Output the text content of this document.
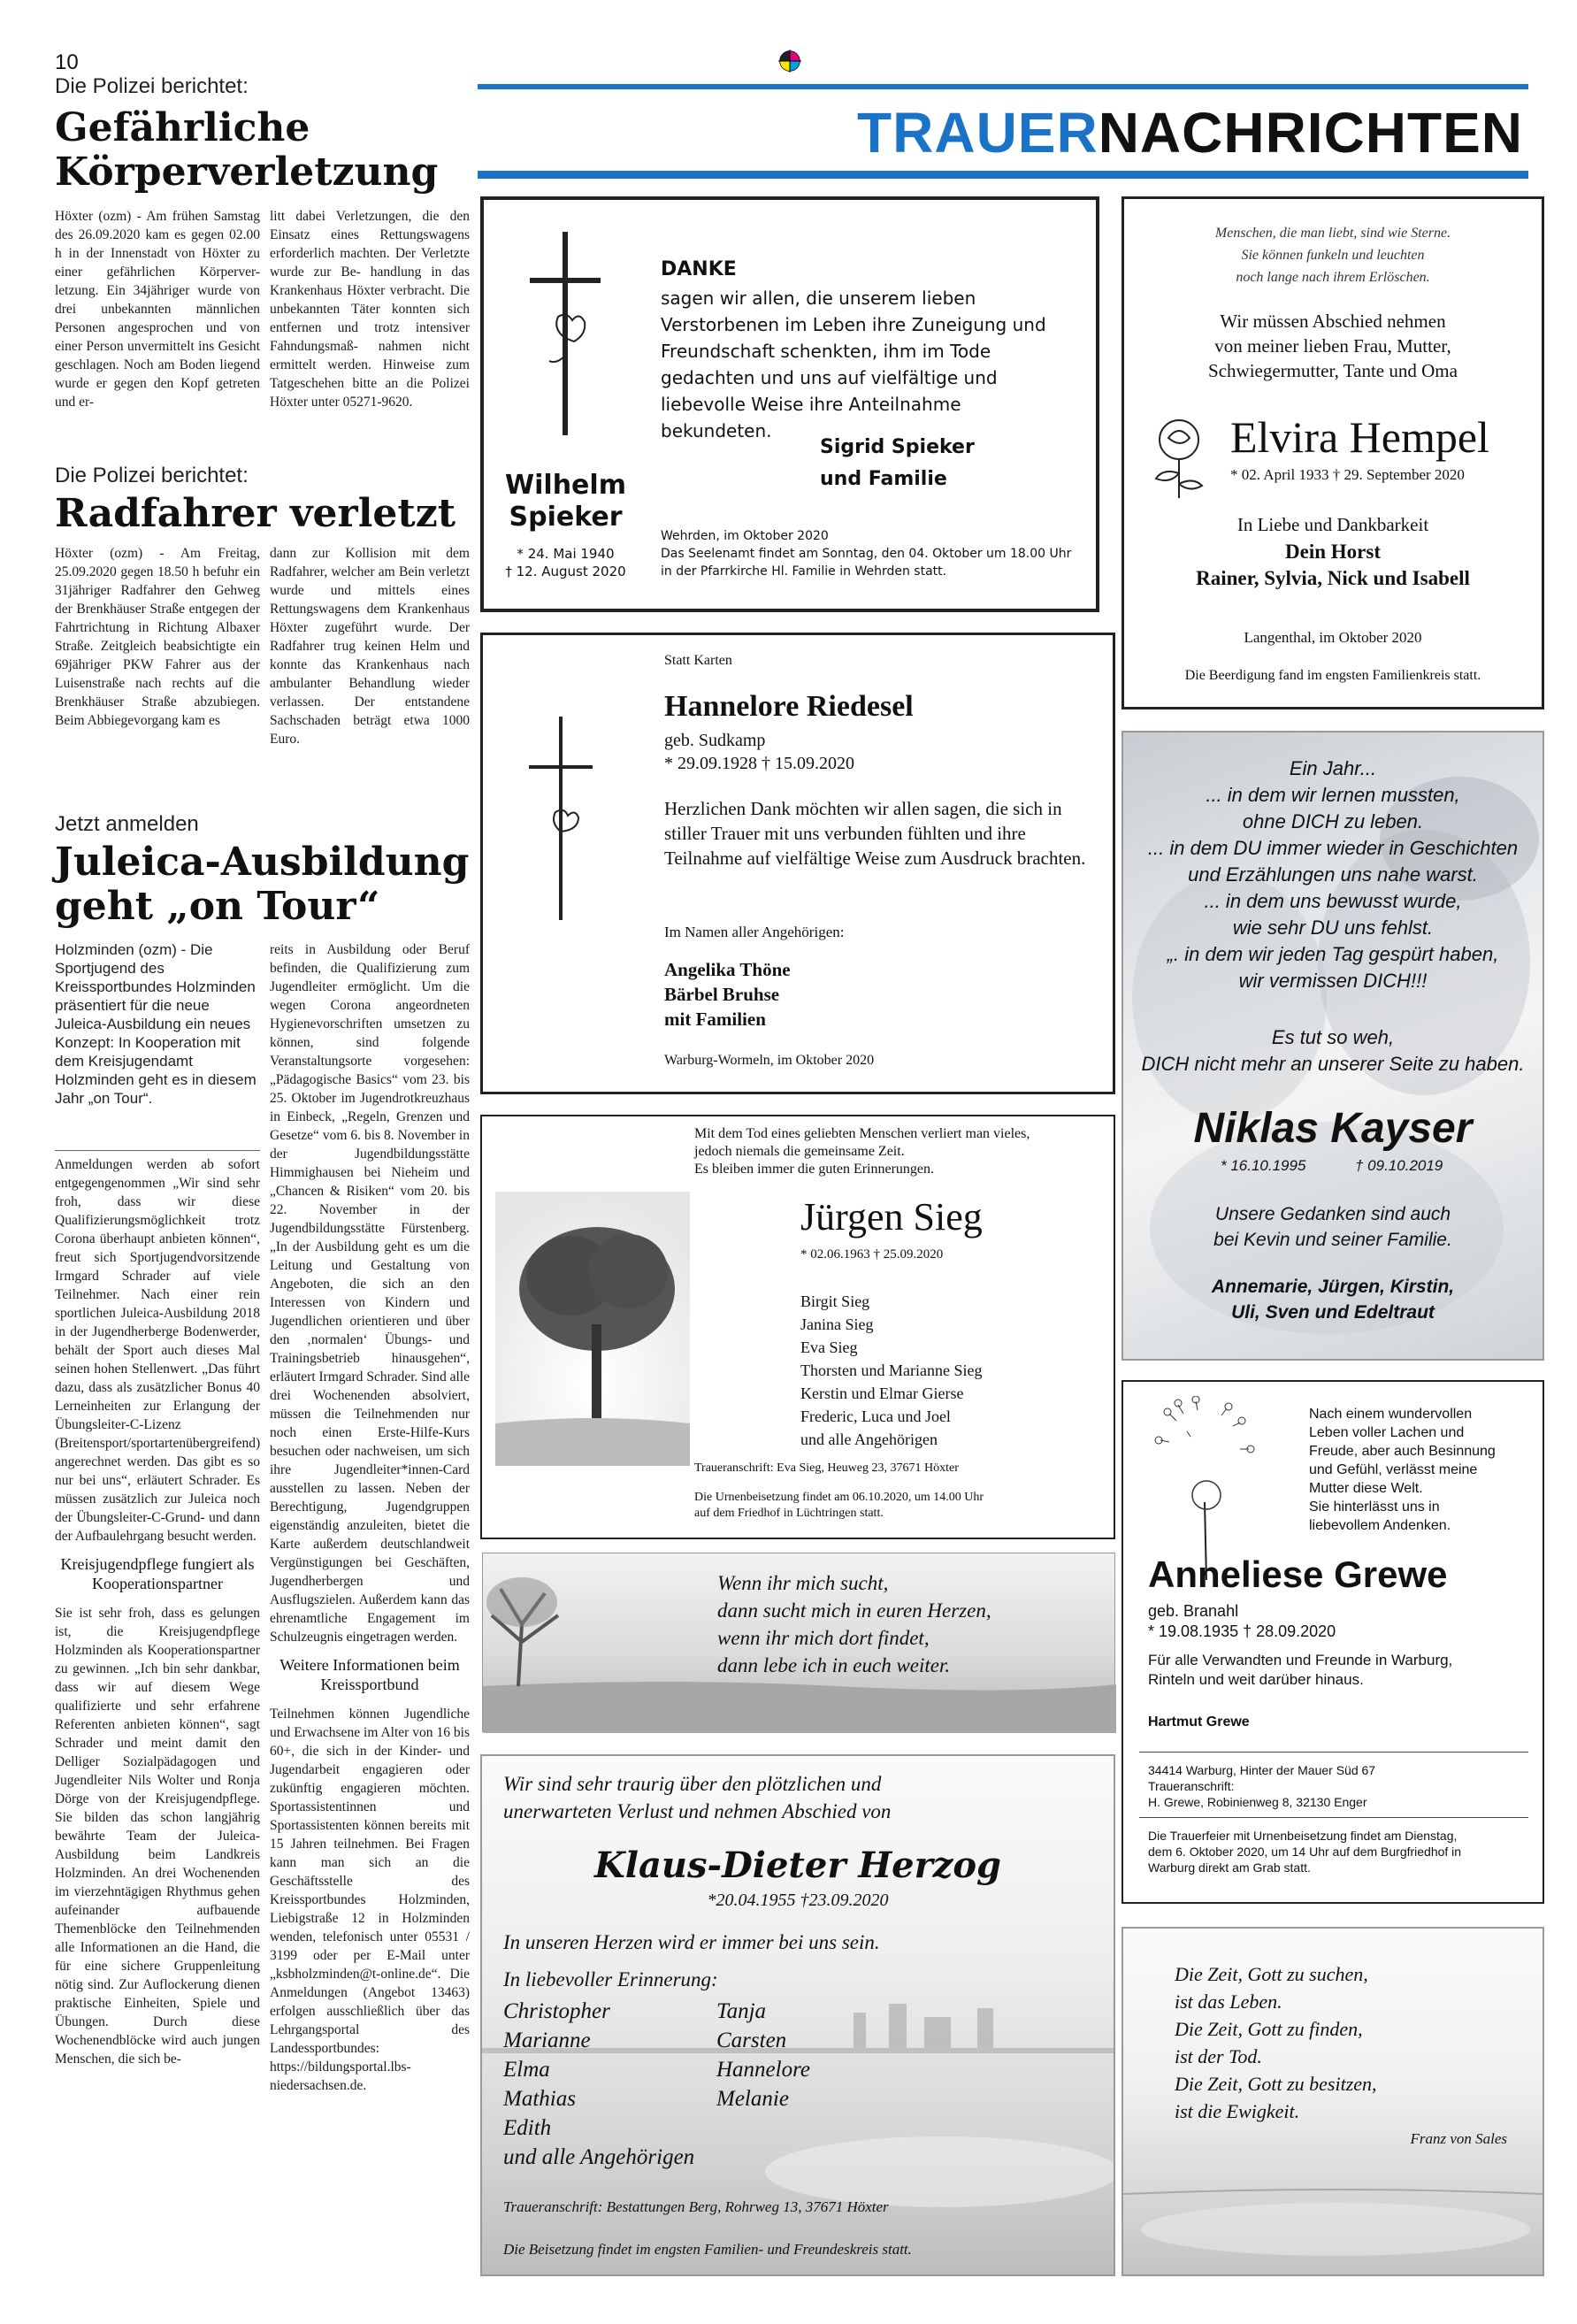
10
TRAUERNACHRICHTEN
Die Polizei berichtet:
Gefährliche Körperverletzung
Höxter (ozm) - Am frühen Samstag des 26.09.2020 kam es gegen 02.00 h in der Innenstadt von Höxter zu einer gefährlichen Körperver- letzung. Ein 34jähriger wurde von drei unbekannten männlichen Personen angesprochen und von einer Person unvermittelt ins Gesicht geschlagen. Noch am Boden liegend wurde er gegen den Kopf getreten und er-
litt dabei Verletzungen, die den Einsatz eines Rettungswagens erforderlich machten. Der Verletzte wurde zur Be- handlung in das Krankenhaus Höxter verbracht. Die unbekannten Täter konnten sich entfernen und trotz intensiver Fahndungsmaß- nahmen nicht ermittelt werden. Hinweise zum Tatgeschehen bitte an die Polizei Höxter unter 05271-9620.
Die Polizei berichtet:
Radfahrer verletzt
Höxter (ozm) - Am Freitag, 25.09.2020 gegen 18.50 h befuhr ein 31jähriger Radfahrer den Gehweg der Brenkhäuser Straße entgegen der Fahrtrichtung in Richtung Albaxer Straße. Zeitgleich beabsichtigte ein 69jähriger PKW Fahrer aus der Luisenstraße nach rechts auf die Brenkhäuser Straße abzubiegen. Beim Abbiegevorgang kam es
dann zur Kollision mit dem Radfahrer, welcher am Bein verletzt wurde und mittels eines Rettungswagens dem Krankenhaus Höxter zugeführt wurde. Der Radfahrer trug keinen Helm und konnte das Krankenhaus nach ambulanter Behandlung wieder verlassen. Der entstandene Sachschaden beträgt etwa 1000 Euro.
Jetzt anmelden
Juleica-Ausbildung geht „on Tour“
Holzminden (ozm) - Die Sportjugend des Kreissportbundes Holzminden präsentiert für die neue Juleica-Ausbildung ein neues Konzept: In Kooperation mit dem Kreisjugendamt Holzminden geht es in diesem Jahr „on Tour“.
Anmeldungen werden ab sofort entgegengenommen „Wir sind sehr froh, dass wir diese Qualifizierungsmöglichkeit trotz Corona überhaupt anbieten können“, freut sich Sportjugendvorsitzende Irmgard Schrader auf viele Teilnehmer. Nach einer rein sportlichen Juleica-Ausbildung 2018 in der Jugendherberge Bodenwerder, behält der Sport auch dieses Mal seinen hohen Stellenwert. „Das führt dazu, dass als zusätzlicher Bonus 40 Lerneinheiten zur Erlangung der Übungsleiter-C-Lizenz (Breitensport/sportartenübergreifend) angerechnet werden. Das gibt es so nur bei uns“, erläutert Schrader. Es müssen zusätzlich zur Juleica noch der Übungsleiter-C-Grund- und dann der Aufbaulehrgang besucht werden.
Kreisjugendpflege fungiert als Kooperationspartner
Sie ist sehr froh, dass es gelungen ist, die Kreisjugendpflege Holzminden als Kooperationspartner zu gewinnen. „Ich bin sehr dankbar, dass wir auf diesem Wege qualifizierte und sehr erfahrene Referenten anbieten können“, sagt Schrader und meint damit den Delliger Sozialpädagogen und Jugendleiter Nils Wolter und Ronja Dörge von der Kreisjugendpflege. Sie bilden das schon langjährig bewährte Team der Juleica-Ausbildung beim Landkreis Holzminden. An drei Wochenenden im vierzehntägigen Rhythmus gehen aufeinander aufbauende Themenblöcke den Teilnehmenden alle Informationen an die Hand, die für eine sichere Gruppenleitung nötig sind. Zur Auflockerung dienen praktische Einheiten, Spiele und Übungen. Durch diese Wochenendblöcke wird auch jungen Menschen, die sich be-
reits in Ausbildung oder Beruf befinden, die Qualifizierung zum Jugendleiter ermöglicht. Um die wegen Corona angeordneten Hygienevorschriften umsetzen zu können, sind folgende Veranstaltungsorte vorgesehen: „Pädagogische Basics“ vom 23. bis 25. Oktober im Jugendrotkreuzhaus in Einbeck, „Regeln, Grenzen und Gesetze“ vom 6. bis 8. November in der Jugendbildungsstätte Himmighausen bei Nieheim und „Chancen & Risiken“ vom 20. bis 22. November in der Jugendbildungsstätte Fürstenberg. „In der Ausbildung geht es um die Leitung und Gestaltung von Angeboten, die sich an den Interessen von Kindern und Jugendlichen orientieren und über den ‚normalen‘ Übungs- und Trainingsbetrieb hinausgehen“, erläutert Irmgard Schrader. Sind alle drei Wochenenden absolviert, müssen die Teilnehmenden nur noch einen Erste-Hilfe-Kurs besuchen oder nachweisen, um sich ihre Jugendleiter*innen-Card ausstellen zu lassen. Neben der Berechtigung, Jugendgruppen eigenständig anzuleiten, bietet die Karte außerdem deutschlandweit Vergünstigungen bei Geschäften, Jugendherbergen und Ausflugszielen. Außerdem kann das ehrenamtliche Engagement im Schulzeugnis eingetragen werden.
Weitere Informationen beim Kreissportbund
Teilnehmen können Jugendliche und Erwachsene im Alter von 16 bis 60+, die sich in der Kinder- und Jugendarbeit engagieren oder zukünftig engagieren möchten. Sportassistentinnen und Sportassistenten können bereits mit 15 Jahren teilnehmen. Bei Fragen kann man sich an die Geschäftsstelle des Kreissportbundes Holzminden, Liebigstraße 12 in Holzminden wenden, telefonisch unter 05531 / 3199 oder per E-Mail unter „ksbholzminden@t-online.de“. Die Anmeldungen (Angebot 13463) erfolgen ausschließlich über das Lehrgangsportal des Landessportbundes: https://bildungsportal.lbs-niedersachsen.de.
Wilhelm
Spieker
* 24. Mai 1940
† 12. August 2020
DANKE
sagen wir allen, die unserem lieben Verstorbenen im Leben ihre Zuneigung und Freundschaft schenkten, ihm im Tode gedachten und uns auf vielfältige und liebevolle Weise ihre Anteilnahme bekundeten.
Sigrid Spieker
und Familie
Wehrden, im Oktober 2020
Das Seelenamt findet am Sonntag, den 04. Oktober um 18.00 Uhr
in der Pfarrkirche Hl. Familie in Wehrden statt.
Statt Karten
Hannelore Riedesel
geb. Sudkamp
* 29.09.1928 † 15.09.2020
Herzlichen Dank möchten wir allen sagen, die sich in stiller Trauer mit uns verbunden fühlten und ihre Teilnahme auf vielfältige Weise zum Ausdruck brachten.
Im Namen aller Angehörigen:
Angelika Thöne
Bärbel Bruhse
mit Familien
Warburg-Wormeln, im Oktober 2020
Mit dem Tod eines geliebten Menschen verliert man vieles,
jedoch niemals die gemeinsame Zeit.
Es bleiben immer die guten Erinnerungen.
Jürgen Sieg
* 02.06.1963 † 25.09.2020
Birgit Sieg
Janina Sieg
Eva Sieg
Thorsten und Marianne Sieg
Kerstin und Elmar Gierse
Frederic, Luca und Joel
und alle Angehörigen
Traueranschrift: Eva Sieg, Heuweg 23, 37671 Höxter
Die Urnenbeisetzung findet am 06.10.2020, um 14.00 Uhr
auf dem Friedhof in Lüchtringen statt.
Wenn ihr mich sucht,
dann sucht mich in euren Herzen,
wenn ihr mich dort findet,
dann lebe ich in euch weiter.
Wir sind sehr traurig über den plötzlichen und
unerwarteten Verlust und nehmen Abschied von
Klaus-Dieter Herzog
*20.04.1955 †23.09.2020
In unseren Herzen wird er immer bei uns sein.
In liebevoller Erinnerung:
Christopher
Marianne
Elma
Mathias
Edith
und alle Angehörigen
Tanja
Carsten
Hannelore
Melanie
Traueranschrift: Bestattungen Berg, Rohrweg 13, 37671 Höxter
Die Beisetzung findet im engsten Familien- und Freundeskreis statt.
Menschen, die man liebt, sind wie Sterne.
Sie können funkeln und leuchten
noch lange nach ihrem Erlöschen.
Wir müssen Abschied nehmen
von meiner lieben Frau, Mutter,
Schwiegermutter, Tante und Oma
Elvira Hempel
* 02. April 1933 † 29. September 2020
In Liebe und Dankbarkeit
Dein Horst
Rainer, Sylvia, Nick und Isabell
Langenthal, im Oktober 2020
Die Beerdigung fand im engsten Familienkreis statt.
Ein Jahr...
... in dem wir lernen mussten,
ohne DICH zu leben.
... in dem DU immer wieder in Geschichten
und Erzählungen uns nahe warst.
... in dem uns bewusst wurde,
wie sehr DU uns fehlst.
„. in dem wir jeden Tag gespürt haben,
wir vermissen DICH!!!
Es tut so weh,
DICH nicht mehr an unserer Seite zu haben.
Niklas Kayser
* 16.10.1995	† 09.10.2019
Unsere Gedanken sind auch
bei Kevin und seiner Familie.
Annemarie, Jürgen, Kirstin,
Uli, Sven und Edeltraut
Nach einem wundervollen
Leben voller Lachen und
Freude, aber auch Besinnung
und Gefühl, verlässt meine
Mutter diese Welt.
Sie hinterlässt uns in
liebevollem Andenken.
Anneliese Grewe
geb. Branahl
* 19.08.1935 † 28.09.2020
Für alle Verwandten und Freunde in Warburg,
Rinteln und weit darüber hinaus.
Hartmut Grewe
34414 Warburg, Hinter der Mauer Süd 67
Traueranschrift:
H. Grewe, Robinienweg 8, 32130 Enger
Die Trauerfeier mit Urnenbeisetzung findet am Dienstag,
dem 6. Oktober 2020, um 14 Uhr auf dem Burgfriedhof in
Warburg direkt am Grab statt.
Die Zeit, Gott zu suchen,
ist das Leben.
Die Zeit, Gott zu finden,
ist der Tod.
Die Zeit, Gott zu besitzen,
ist die Ewigkeit.
Franz von Sales
